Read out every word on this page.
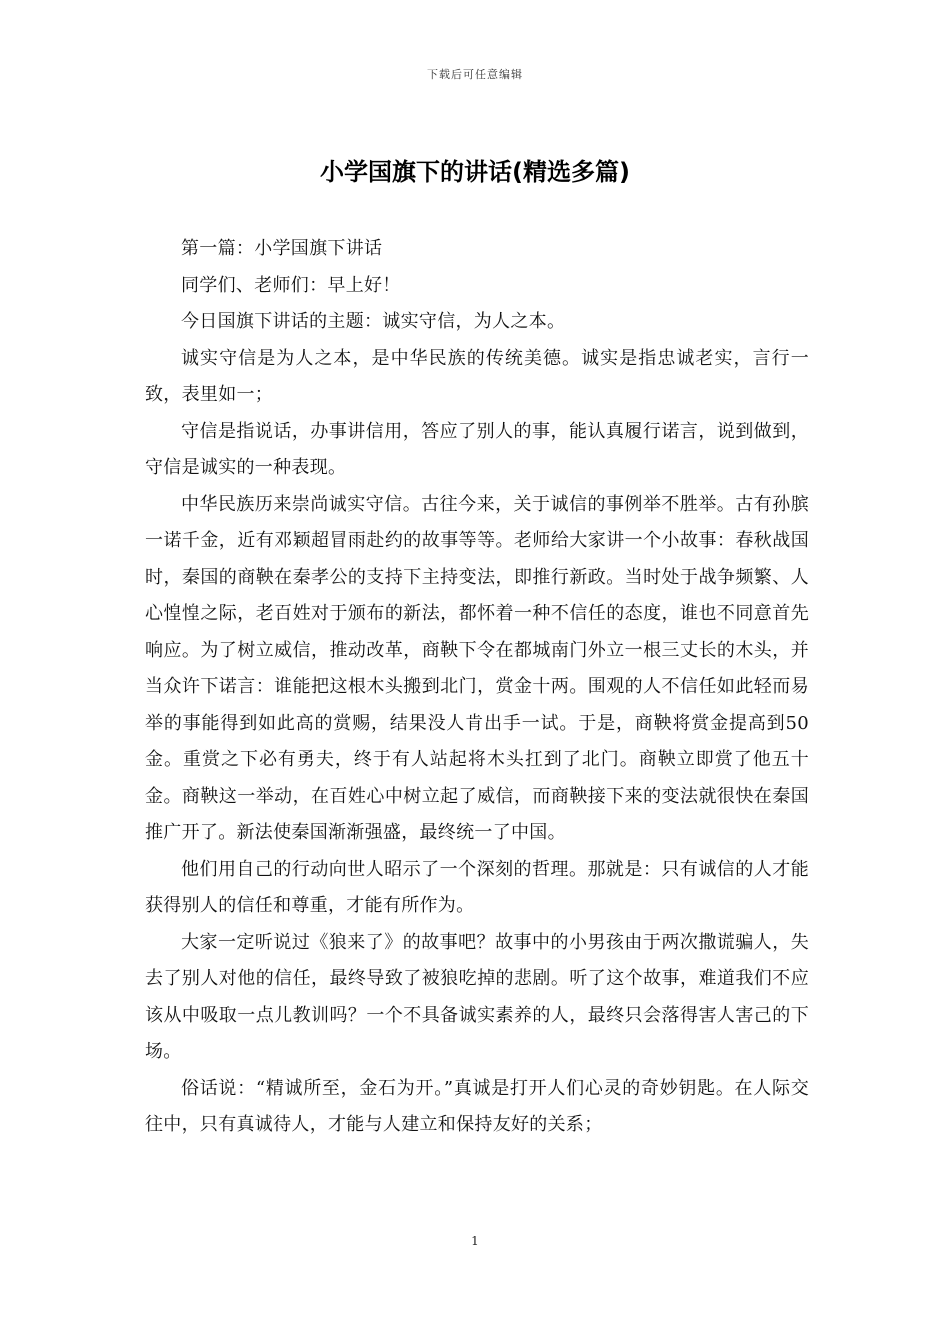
下载后可任意编辑
小学国旗下的讲话(精选多篇)

第一篇：小学国旗下讲话

同学们、老师们：早上好！

今日国旗下讲话的主题：诚实守信，为人之本。

诚实守信是为人之本，是中华民族的传统美德。诚实是指忠诚老实，言行一致，表里如一；

守信是指说话，办事讲信用，答应了别人的事，能认真履行诺言，说到做到，守信是诚实的一种表现。

中华民族历来崇尚诚实守信。古往今来，关于诚信的事例举不胜举。古有孙膑一诺千金，近有邓颖超冒雨赴约的故事等等。老师给大家讲一个小故事：春秋战国时，秦国的商鞅在秦孝公的支持下主持变法，即推行新政。当时处于战争频繁、人心惶惶之际，老百姓对于颁布的新法，都怀着一种不信任的态度，谁也不同意首先响应。为了树立威信，推动改革，商鞅下令在都城南门外立一根三丈长的木头，并当众许下诺言：谁能把这根木头搬到北门，赏金十两。围观的人不信任如此轻而易举的事能得到如此高的赏赐，结果没人肯出手一试。于是，商鞅将赏金提高到50金。重赏之下必有勇夫，终于有人站起将木头扛到了北门。商鞅立即赏了他五十金。商鞅这一举动，在百姓心中树立起了威信，而商鞅接下来的变法就很快在秦国推广开了。新法使秦国渐渐强盛，最终统一了中国。

他们用自己的行动向世人昭示了一个深刻的哲理。那就是：只有诚信的人才能获得别人的信任和尊重，才能有所作为。

大家一定听说过《狼来了》的故事吧？故事中的小男孩由于两次撒谎骗人，失去了别人对他的信任，最终导致了被狼吃掉的悲剧。听了这个故事，难道我们不应该从中吸取一点儿教训吗？一个不具备诚实素养的人，最终只会落得害人害己的下场。

俗话说：“精诚所至，金石为开。”真诚是打开人们心灵的奇妙钥匙。在人际交往中，只有真诚待人，才能与人建立和保持友好的关系；

1
